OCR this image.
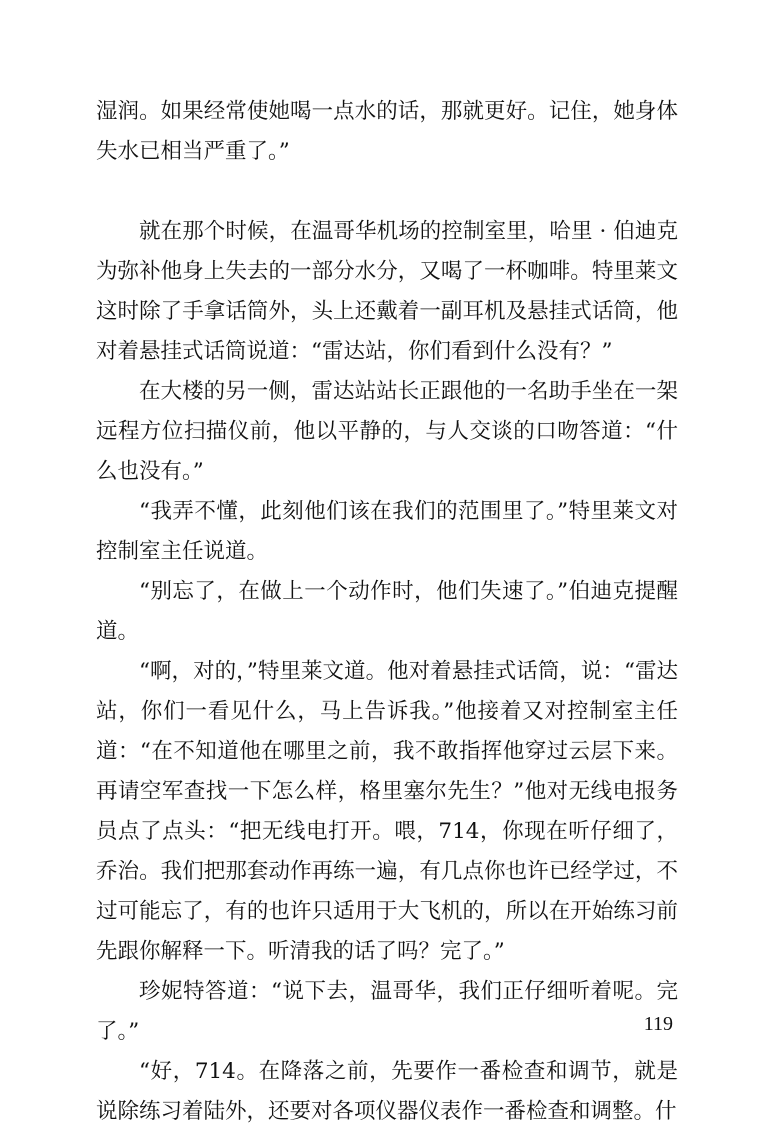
湿润。如果经常使她喝一点水的话，那就更好。记住，她身体失水已相当严重了。”

就在那个时候，在温哥华机场的控制室里，哈里 · 伯迪克为弥补他身上失去的一部分水分，又喝了一杯咖啡。特里莱文这时除了手拿话筒外，头上还戴着一副耳机及悬挂式话筒，他对着悬挂式话筒说道：“雷达站，你们看到什么没有？”

在大楼的另一侧，雷达站站长正跟他的一名助手坐在一架远程方位扫描仪前，他以平静的，与人交谈的口吻答道：“什么也没有。”

“我弄不懂，此刻他们该在我们的范围里了。”特里莱文对控制室主任说道。

“别忘了，在做上一个动作时，他们失速了。”伯迪克提醒道。

“啊，对的，”特里莱文道。他对着悬挂式话筒，说：“雷达站，你们一看见什么，马上告诉我。”他接着又对控制室主任道：“在不知道他在哪里之前，我不敢指挥他穿过云层下来。再请空军查找一下怎么样，格里塞尔先生？”他对无线电报务员点了点头：“把无线电打开。喂，714，你现在听仔细了，乔治。我们把那套动作再练一遍，有几点你也许已经学过，不过可能忘了，有的也许只适用于大飞机的，所以在开始练习前先跟你解释一下。听清我的话了吗？完了。”

珍妮特答道：“说下去，温哥华，我们正仔细听着呢。完了。”

“好，714。在降落之前，先要作一番检查和调节，就是说除练习着陆外，还要对各项仪器仪表作一番检查和调整。什

119
